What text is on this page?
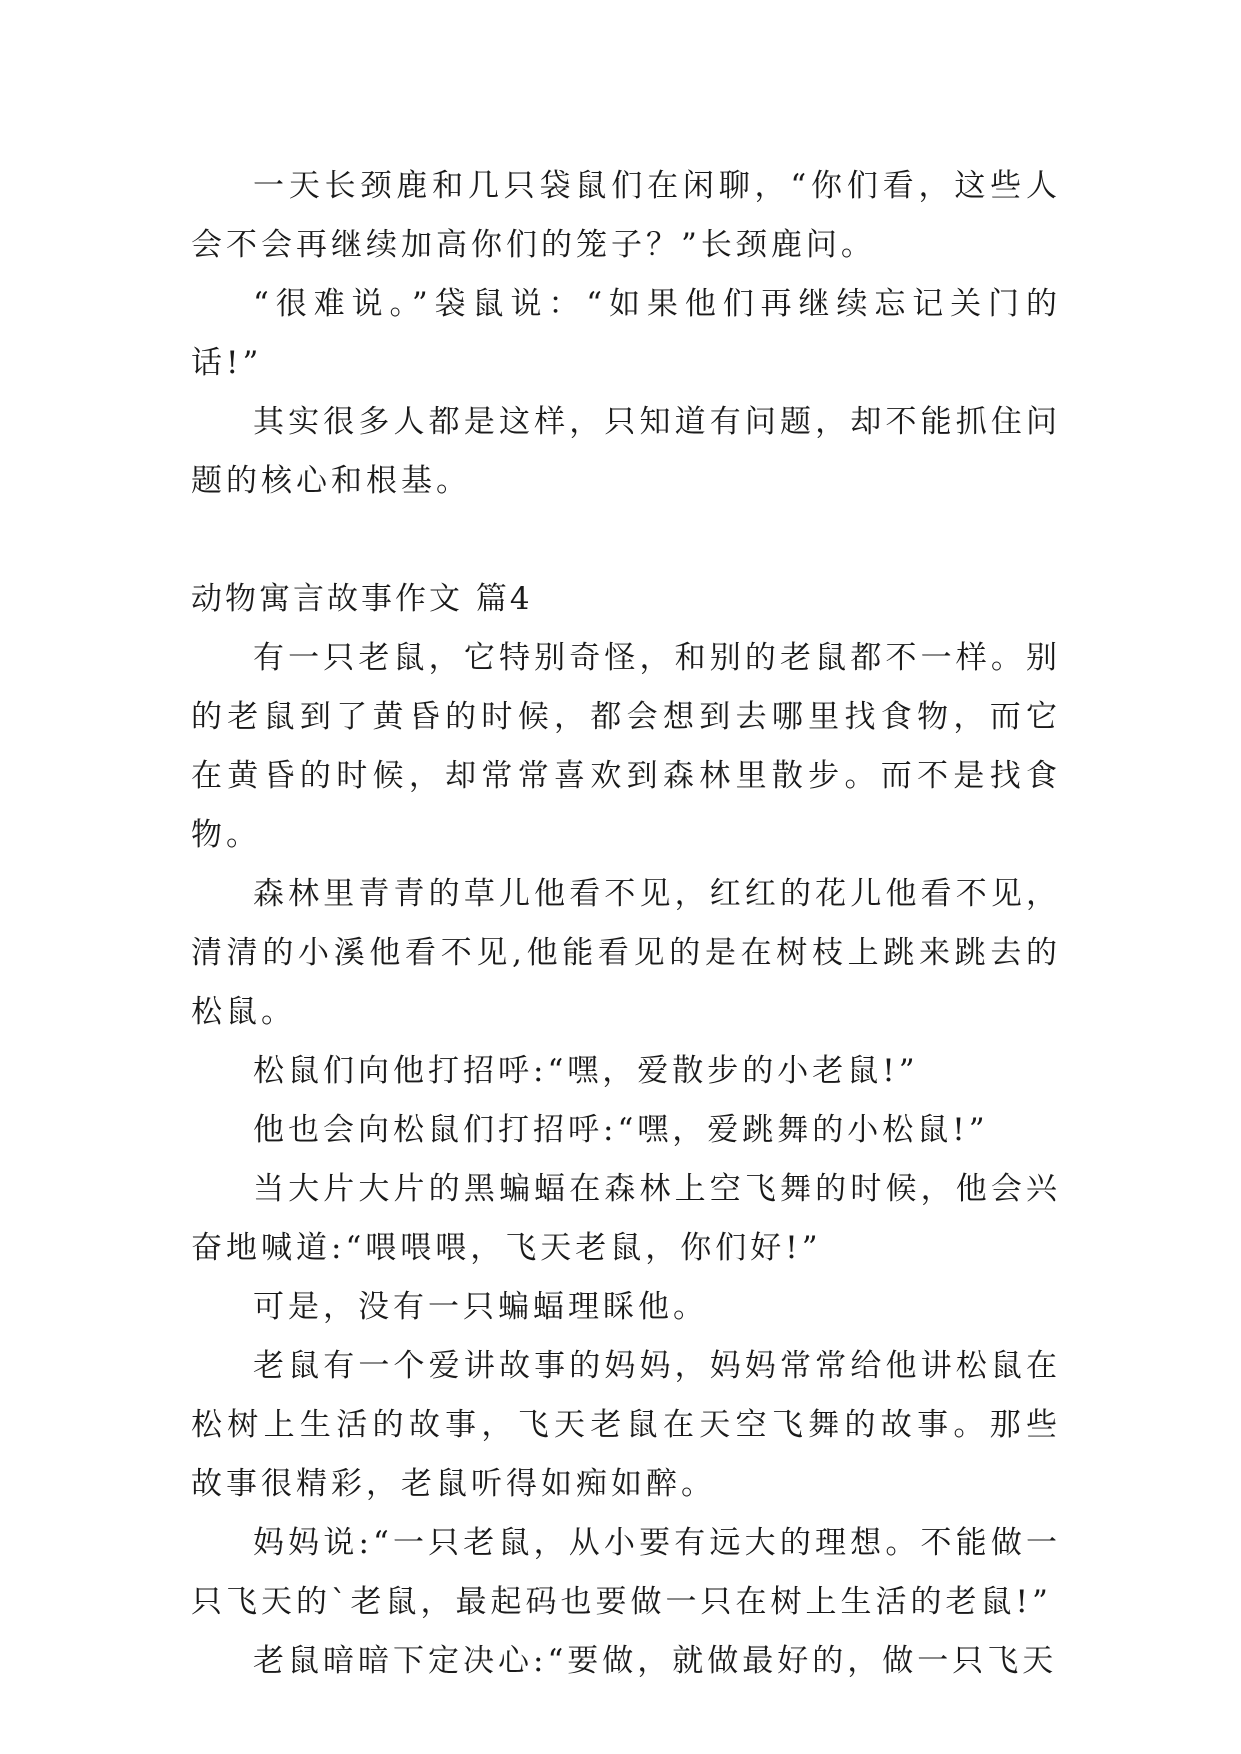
一天长颈鹿和几只袋鼠们在闲聊，“你们看，这些人会不会再继续加高你们的笼子？”长颈鹿问。

“很难说。”袋鼠说：“如果他们再继续忘记关门的话!”

其实很多人都是这样，只知道有问题，却不能抓住问题的核心和根基。

动物寓言故事作文 篇4

有一只老鼠，它特别奇怪，和别的老鼠都不一样。别的老鼠到了黄昏的时候，都会想到去哪里找食物，而它在黄昏的时候，却常常喜欢到森林里散步。而不是找食物。

森林里青青的草儿他看不见，红红的花儿他看不见，清清的小溪他看不见,他能看见的是在树枝上跳来跳去的松鼠。

松鼠们向他打招呼:“嘿，爱散步的小老鼠!”

他也会向松鼠们打招呼:“嘿，爱跳舞的小松鼠!”

当大片大片的黑蝙蝠在森林上空飞舞的时候，他会兴奋地喊道:“喂喂喂，飞天老鼠，你们好!”

可是，没有一只蝙蝠理睬他。

老鼠有一个爱讲故事的妈妈，妈妈常常给他讲松鼠在松树上生活的故事，飞天老鼠在天空飞舞的故事。那些故事很精彩，老鼠听得如痴如醉。

妈妈说:“一只老鼠，从小要有远大的理想。不能做一只飞天的`老鼠，最起码也要做一只在树上生活的老鼠!”

老鼠暗暗下定决心:“要做，就做最好的，做一只飞天
